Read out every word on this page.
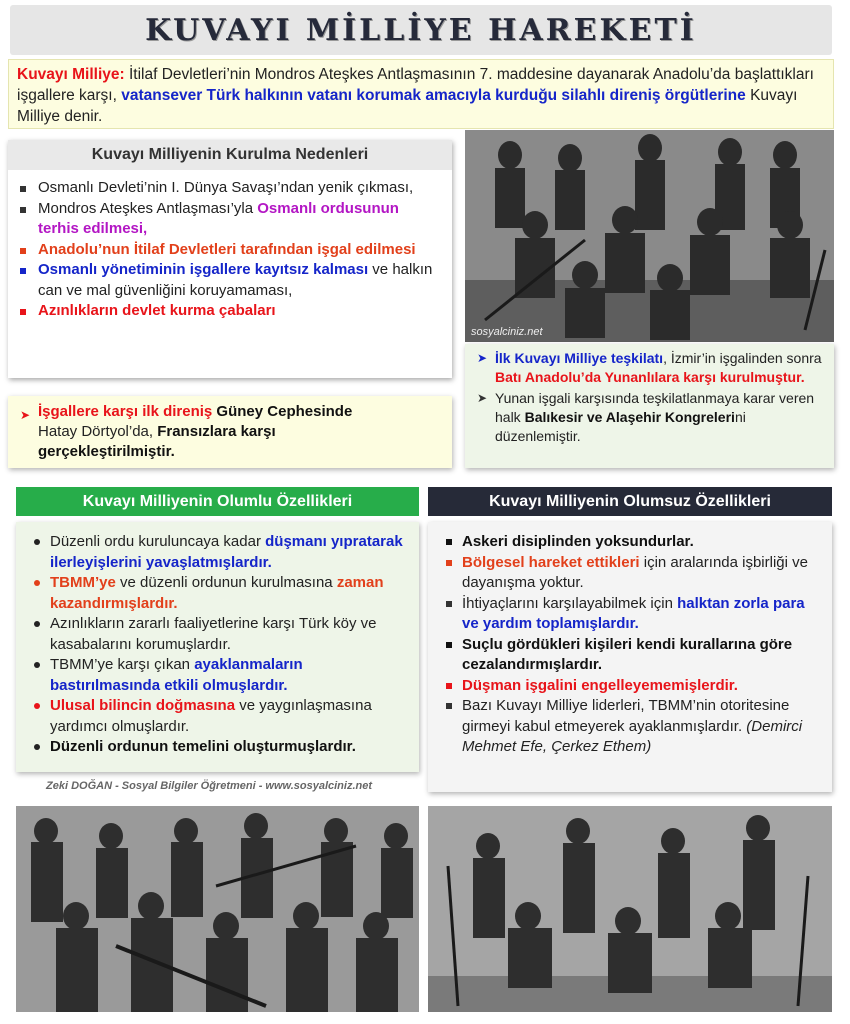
KUVAYI MİLLİYE HAREKETİ
Kuvayı Milliye: İtilaf Devletleri’nin Mondros Ateşkes Antlaşmasının 7. maddesine dayanarak Anadolu’da başlattıkları işgallere karşı, vatansever Türk halkının vatanı korumak amacıyla kurduğu silahlı direniş örgütlerine Kuvayı Milliye denir.
Kuvayı Milliyenin Kurulma Nedenleri
Osmanlı Devleti’nin I. Dünya Savaşı’ndan yenik çıkması,
Mondros Ateşkes Antlaşması’yla Osmanlı ordusunun terhis edilmesi,
Anadolu’nun İtilaf Devletleri tarafından işgal edilmesi
Osmanlı yönetiminin işgallere kayıtsız kalması ve halkın can ve mal güvenliğini koruyamaması,
Azınlıkların devlet kurma çabaları
➤ İşgallere karşı ilk direniş Güney Cephesinde
Hatay Dörtyol’da, Fransızlara karşı
gerçekleştirilmiştir.
sosyalciniz.net
➤ İlk Kuvayı Milliye teşkilatı, İzmir’in işgalinden sonra Batı Anadolu’da Yunanlılara karşı kurulmuştur.
➤ Yunan işgali karşısında teşkilatlanmaya karar veren halk Balıkesir ve Alaşehir Kongrelerini düzenlemiştir.
Kuvayı Milliyenin Olumlu Özellikleri
Düzenli ordu kuruluncaya kadar düşmanı yıpratarak ilerleyişlerini yavaşlatmışlardır.
TBMM’ye ve düzenli ordunun kurulmasına zaman kazandırmışlardır.
Azınlıkların zararlı faaliyetlerine karşı Türk köy ve kasabalarını korumuşlardır.
TBMM’ye karşı çıkan ayaklanmaların bastırılmasında etkili olmuşlardır.
Ulusal bilincin doğmasına ve yaygınlaşmasına yardımcı olmuşlardır.
Düzenli ordunun temelini oluşturmuşlardır.
Kuvayı Milliyenin Olumsuz Özellikleri
Askeri disiplinden yoksundurlar.
Bölgesel hareket ettikleri için aralarında işbirliği ve dayanışma yoktur.
İhtiyaçlarını karşılayabilmek için halktan zorla para ve yardım toplamışlardır.
Suçlu gördükleri kişileri kendi kurallarına göre cezalandırmışlardır.
Düşman işgalini engelleyememişlerdir.
Bazı Kuvayı Milliye liderleri, TBMM’nin otoritesine girmeyi kabul etmeyerek ayaklanmışlardır. (Demirci Mehmet Efe, Çerkez Ethem)
Zeki DOĞAN - Sosyal Bilgiler Öğretmeni - www.sosyalciniz.net
